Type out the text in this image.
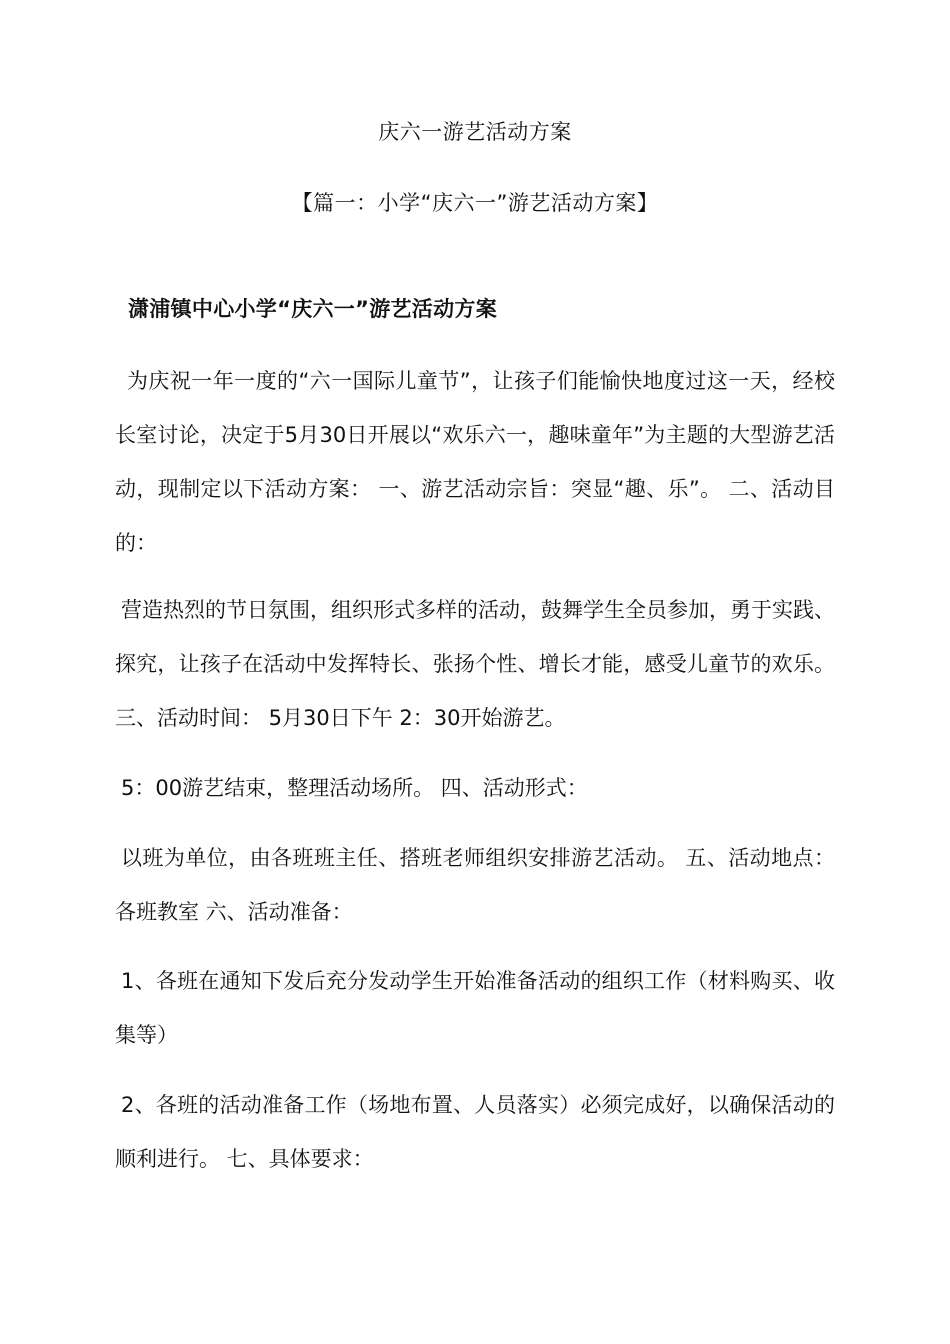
庆六一游艺活动方案
【篇一：小学“庆六一”游艺活动方案】
潇浦镇中心小学“庆六一”游艺活动方案
为庆祝一年一度的“六一国际儿童节”，让孩子们能愉快地度过这一天，经校长室讨论，决定于5月30日开展以“欢乐六一，趣味童年”为主题的大型游艺活动，现制定以下活动方案： 一、游艺活动宗旨：突显“趣、乐”。 二、活动目的：
营造热烈的节日氛围，组织形式多样的活动，鼓舞学生全员参加，勇于实践、探究，让孩子在活动中发挥特长、张扬个性、增长才能，感受儿童节的欢乐。 三、活动时间： 5月30日下午 2：30开始游艺。
5：00游艺结束，整理活动场所。 四、活动形式：
以班为单位，由各班班主任、搭班老师组织安排游艺活动。 五、活动地点： 各班教室 六、活动准备：
1、各班在通知下发后充分发动学生开始准备活动的组织工作（材料购买、收集等）
2、各班的活动准备工作（场地布置、人员落实）必须完成好，以确保活动的顺利进行。 七、具体要求：
